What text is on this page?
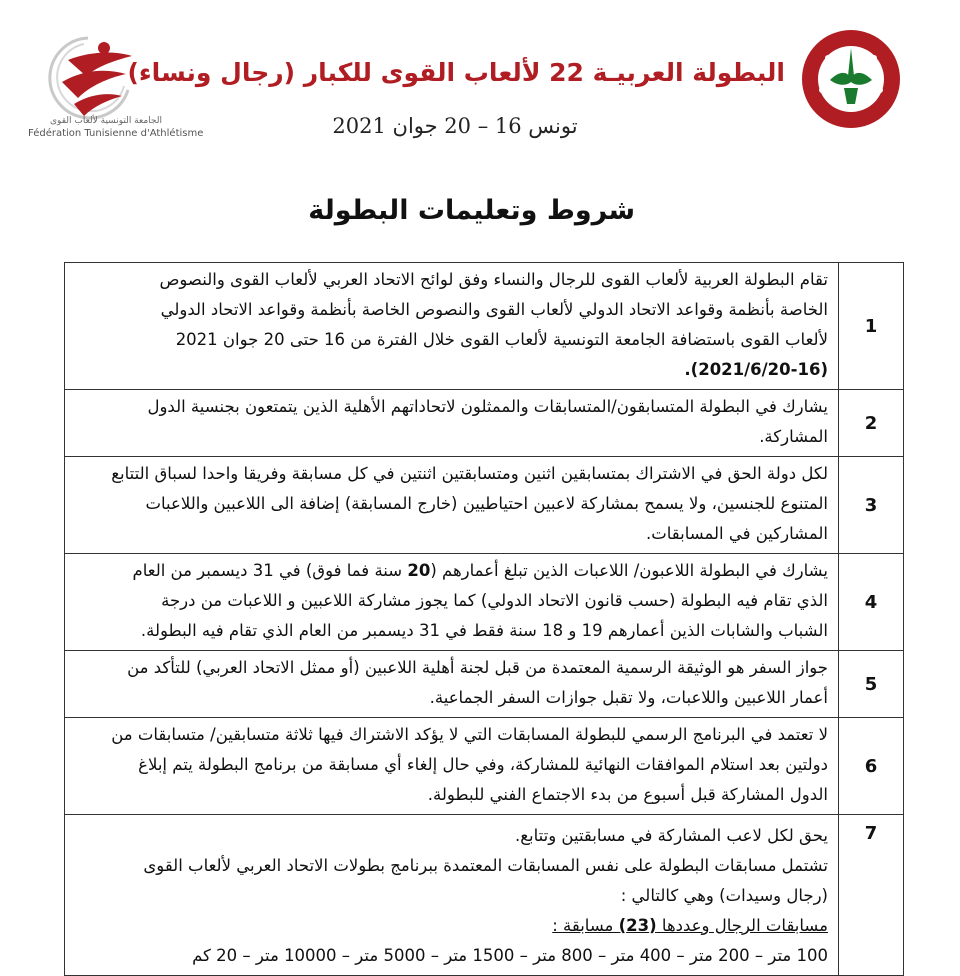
الجامعة التونسية لألعاب القوى
Fédération Tunisienne d'Athlétisme
البطولة العربيـة 22 لألعاب القوى للكبار (رجال ونساء)
تونس 16 – 20 جوان 2021
شروط وتعليمات البطولة
1	تقام البطولة العربية لألعاب القوى للرجال والنساء وفق لوائح الاتحاد العربي لألعاب القوى والنصوص
الخاصة بأنظمة وقواعد الاتحاد الدولي لألعاب القوى والنصوص الخاصة بأنظمة وقواعد الاتحاد الدولي
لألعاب القوى باستضافة الجامعة التونسية لألعاب القوى خلال الفترة من 16 حتى 20 جوان 2021
(2021/6/20-16).

2	يشارك في البطولة المتسابقون/المتسابقات والممثلون لاتحاداتهم الأهلية الذين يتمتعون بجنسية الدول
المشاركة.

3	لكل دولة الحق في الاشتراك بمتسابقين اثنين ومتسابقتين اثنتين في كل مسابقة وفريقا واحدا لسباق التتابع
المتنوع للجنسين، ولا يسمح بمشاركة لاعبين احتياطيين (خارج المسابقة) إضافة الى اللاعبين واللاعبات
المشاركين في المسابقات.

4	يشارك في البطولة اللاعبون/ اللاعبات الذين تبلغ أعمارهم (20 سنة فما فوق) في 31 ديسمبر من العام
الذي تقام فيه البطولة (حسب قانون الاتحاد الدولي) كما يجوز مشاركة اللاعبين و اللاعبات من درجة
الشباب والشابات الذين أعمارهم 19 و 18 سنة فقط في 31 ديسمبر من العام الذي تقام فيه البطولة.

5	جواز السفر هو الوثيقة الرسمية المعتمدة من قبل لجنة أهلية اللاعبين (أو ممثل الاتحاد العربي) للتأكد من
أعمار اللاعبين واللاعبات، ولا تقبل جوازات السفر الجماعية.

6	لا تعتمد في البرنامج الرسمي للبطولة المسابقات التي لا يؤكد الاشتراك فيها ثلاثة متسابقين/ متسابقات من
دولتين بعد استلام الموافقات النهائية للمشاركة، وفي حال إلغاء أي مسابقة من برنامج البطولة يتم إبلاغ
الدول المشاركة قبل أسبوع من بدء الاجتماع الفني للبطولة.

7	يحق لكل لاعب المشاركة في مسابقتين وتتابع.
تشتمل مسابقات البطولة على نفس المسابقات المعتمدة ببرنامج بطولات الاتحاد العربي لألعاب القوى
(رجال وسيدات) وهي كالتالي :
مسابقات الرجال وعددها (23) مسابقة :
100 متر – 200 متر – 400 متر – 800 متر – 1500 متر – 5000 متر – 10000 متر – 20 كم
